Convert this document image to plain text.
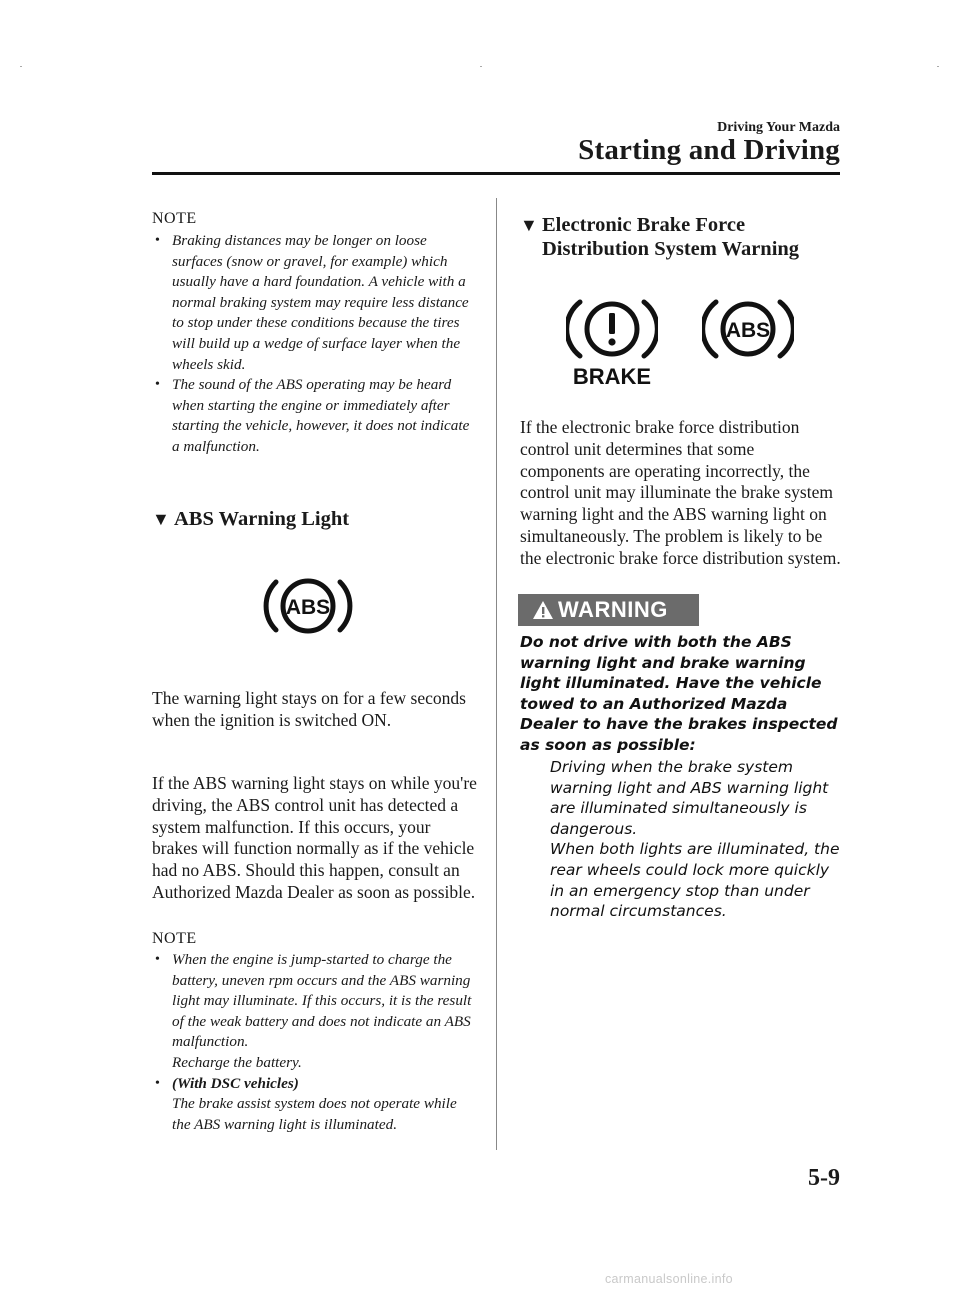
Driving Your Mazda
Starting and Driving
NOTE
• Braking distances may be longer on loose surfaces (snow or gravel, for example) which usually have a hard foundation. A vehicle with a normal braking system may require less distance to stop under these conditions because the tires will build up a wedge of surface layer when the wheels skid.
• The sound of the ABS operating may be heard when starting the engine or immediately after starting the vehicle, however, it does not indicate a malfunction.
▼ ABS Warning Light
ABS
The warning light stays on for a few seconds when the ignition is switched ON.
If the ABS warning light stays on while you're driving, the ABS control unit has detected a system malfunction. If this occurs, your brakes will function normally as if the vehicle had no ABS. Should this happen, consult an Authorized Mazda Dealer as soon as possible.
NOTE
• When the engine is jump-started to charge the battery, uneven rpm occurs and the ABS warning light may illuminate. If this occurs, it is the result of the weak battery and does not indicate an ABS malfunction.
Recharge the battery.
• (With DSC vehicles)
The brake assist system does not operate while the ABS warning light is illuminated.
▼ Electronic Brake Force
Distribution System Warning
BRAKE
ABS
If the electronic brake force distribution control unit determines that some components are operating incorrectly, the control unit may illuminate the brake system warning light and the ABS warning light on simultaneously. The problem is likely to be the electronic brake force distribution system.
WARNING
Do not drive with both the ABS warning light and brake warning light illuminated. Have the vehicle towed to an Authorized Mazda Dealer to have the brakes inspected as soon as possible:
Driving when the brake system warning light and ABS warning light are illuminated simultaneously is dangerous.
When both lights are illuminated, the rear wheels could lock more quickly in an emergency stop than under normal circumstances.
5-9
carmanualsonline.info
